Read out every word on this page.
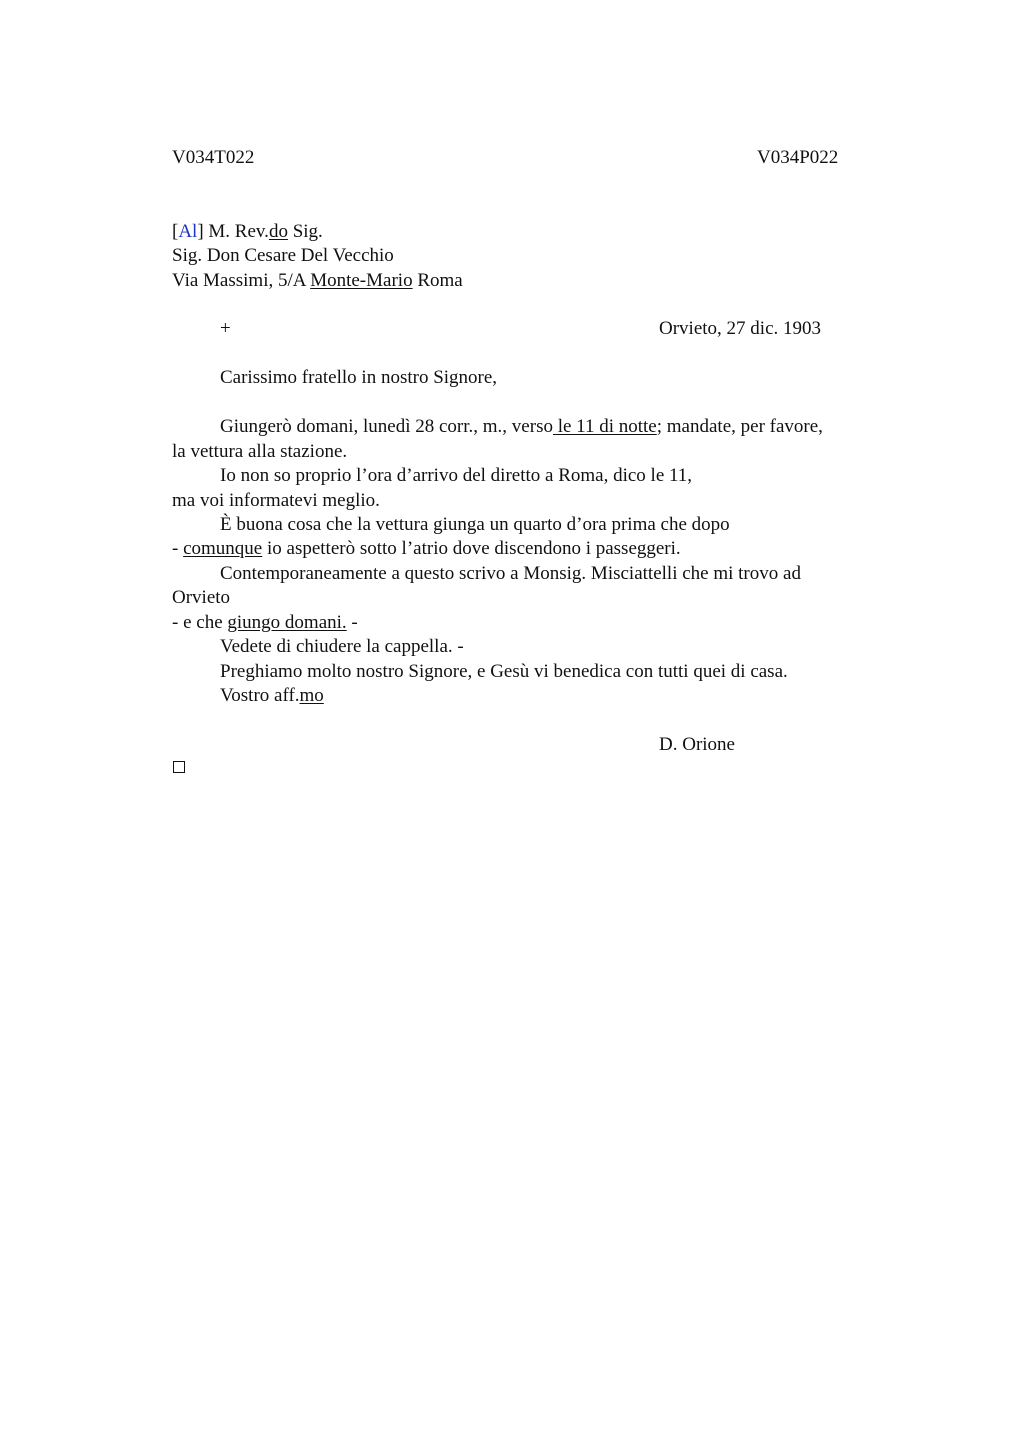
V034T022	V034P022
[Al] M. Rev.do Sig.
Sig. Don Cesare Del Vecchio
Via Massimi, 5/A Monte-Mario Roma
+	Orvieto, 27 dic. 1903
Carissimo fratello in nostro Signore,
Giungerò domani, lunedì 28 corr., m., verso le 11 di notte; mandate, per favore,
la vettura alla stazione.
Io non so proprio l’ora d’arrivo del diretto a Roma, dico le 11,
ma voi informatevi meglio.
È buona cosa che la vettura giunga un quarto d’ora prima che dopo
- comunque io aspetterò sotto l’atrio dove discendono i passeggeri.
Contemporaneamente a questo scrivo a Monsig. Misciattelli che mi trovo ad
Orvieto
- e che giungo domani. -
Vedete di chiudere la cappella. -
Preghiamo molto nostro Signore, e Gesù vi benedica con tutti quei di casa.
Vostro aff.mo
D. Orione
